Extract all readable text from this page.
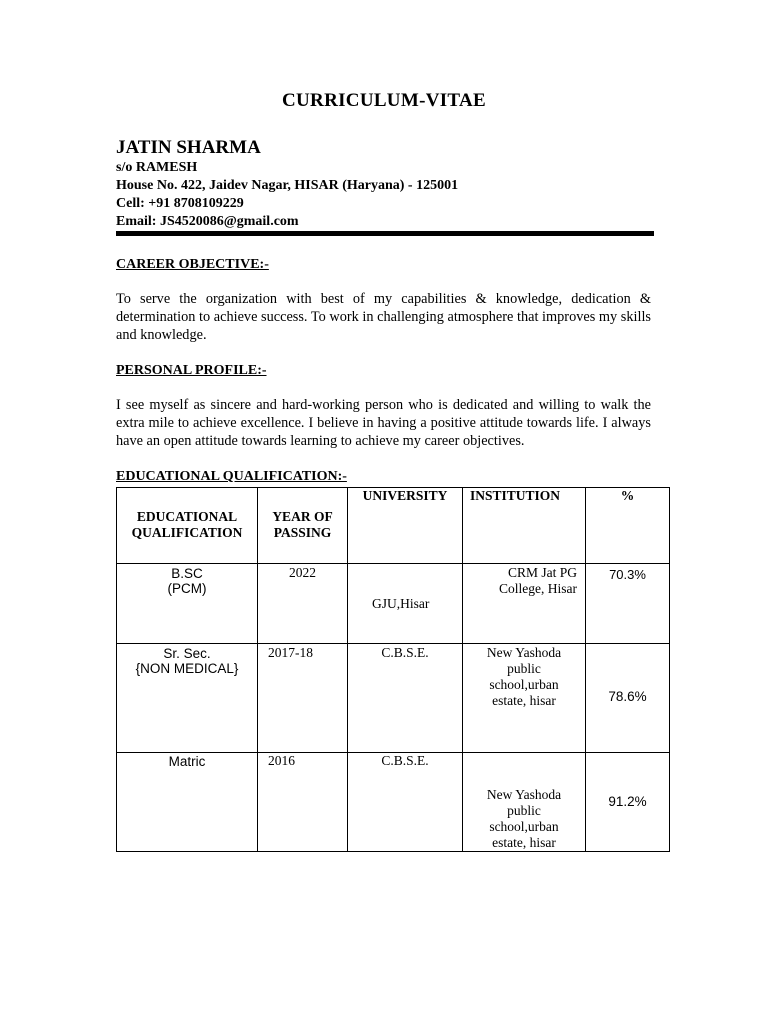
CURRICULUM-VITAE
JATIN SHARMA
s/o RAMESH
House No. 422, Jaidev Nagar, HISAR (Haryana) - 125001
Cell: +91 8708109229
Email: JS4520086@gmail.com
CAREER OBJECTIVE:-
To serve the organization with best of my capabilities & knowledge, dedication & determination to achieve success. To work in challenging atmosphere that improves my skills and knowledge.
PERSONAL PROFILE:-
I see myself as sincere and hard-working person who is dedicated and willing to walk the extra mile to achieve excellence. I believe in having a positive attitude towards life. I always have an open attitude towards learning to achieve my career objectives.
EDUCATIONAL QUALIFICATION:-
EDUCATIONAL QUALIFICATION	YEAR OF PASSING	UNIVERSITY	INSTITUTION	%

B.SC
(PCM)	2022	GJU,Hisar	CRM Jat PG College, Hisar	70.3%

Sr. Sec.
{NON MEDICAL}	2017-18	C.B.S.E.	New Yashoda public school,urban estate, hisar	78.6%

Matric	2016	C.B.S.E.	New Yashoda public school,urban estate, hisar	91.2%
